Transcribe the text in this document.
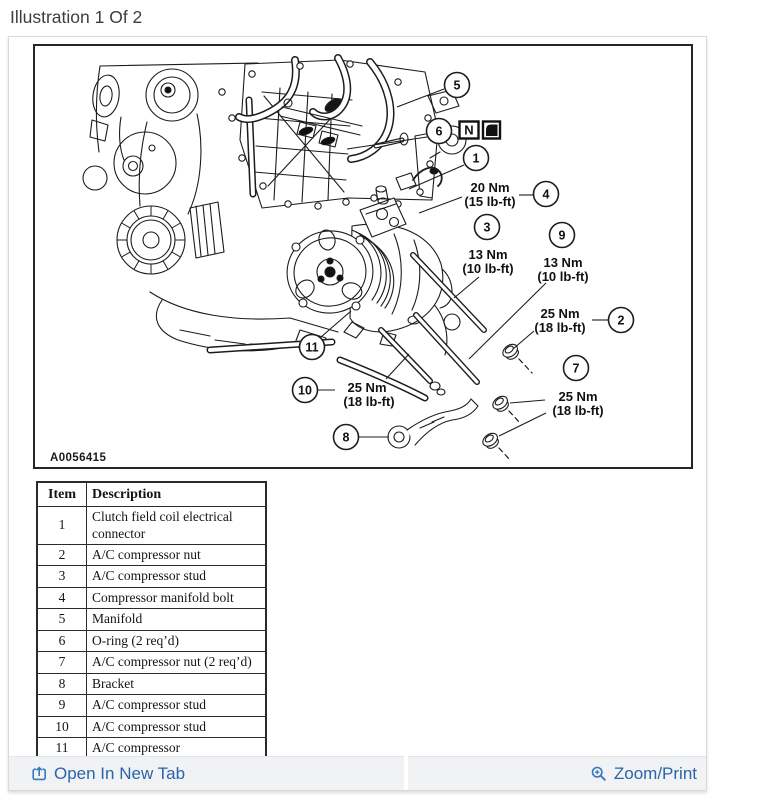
Illustration 1 Of 2
5
6
1
4
3
9
2
7
11
10
8
N
20 Nm
(15 lb-ft)
13 Nm
(10 lb-ft) 13 Nm
(10 lb-ft)
25 Nm
(18 lb-ft)
25 Nm
(18 lb-ft)
25 Nm
(18 lb-ft)
A0056415
Item	Description
1	Clutch field coil electrical connector
2	A/C compressor nut
3	A/C compressor stud
4	Compressor manifold bolt
5	Manifold
6	O-ring (2 req’d)
7	A/C compressor nut (2 req’d)
8	Bracket
9	A/C compressor stud
10	A/C compressor stud
11	A/C compressor
Open In New Tab	Zoom/Print
